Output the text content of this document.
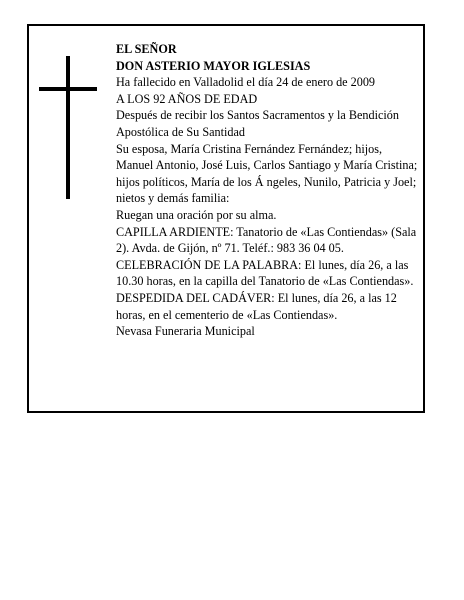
EL SEÑOR

DON ASTERIO MAYOR IGLESIAS

Ha fallecido en Valladolid el día 24 de enero de 2009

A LOS 92 AÑOS DE EDAD

Después de recibir los Santos Sacramentos y la Bendición Apostólica de Su Santidad

Su esposa, María Cristina Fernández Fernández; hijos, Manuel Antonio, José Luis, Carlos Santiago y María Cristina; hijos políticos, María de los Á ngeles, Nunilo, Patricia y Joel; nietos y demás familia:

Ruegan una oración por su alma.

CAPILLA ARDIENTE: Tanatorio de «Las Contiendas» (Sala 2). Avda. de Gijón, nº 71. Teléf.: 983 36 04 05.

CELEBRACIÓN DE LA PALABRA: El lunes, día 26, a las 10.30 horas, en la capilla del Tanatorio de «Las Contiendas».

DESPEDIDA DEL CADÁVER: El lunes, día 26, a las 12 horas, en el cementerio de «Las Contiendas».

Nevasa Funeraria Municipal
